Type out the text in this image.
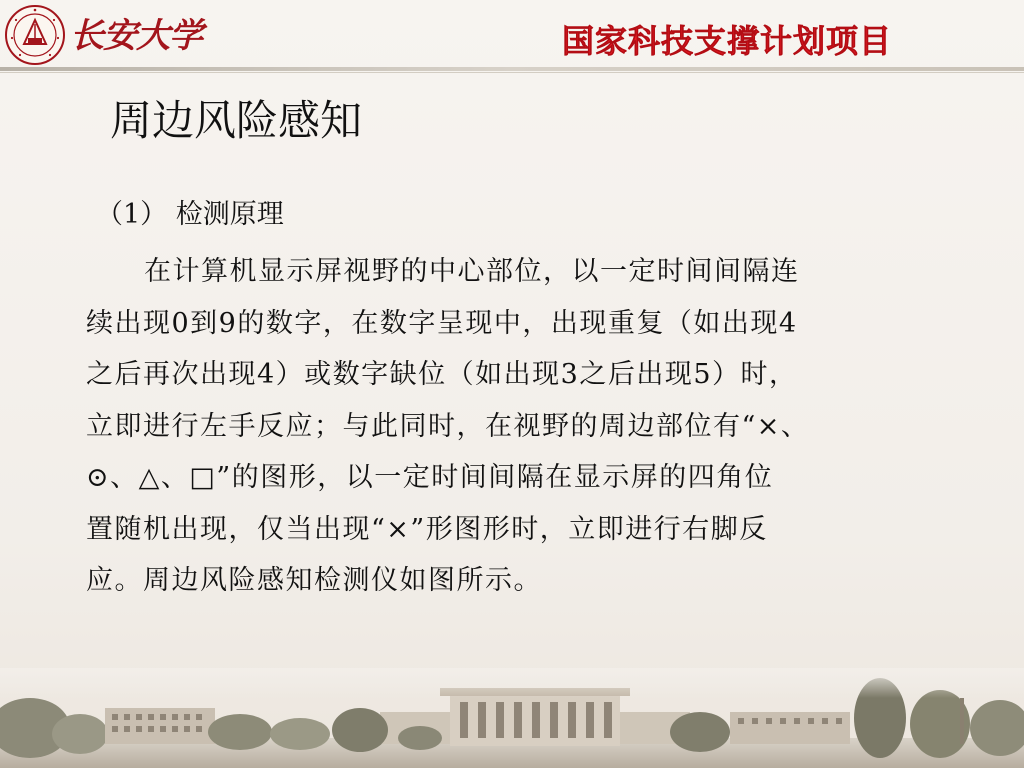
长安大学	国家科技支撑计划项目
周边风险感知
（1） 检测原理
在计算机显示屏视野的中心部位，以一定时间间隔连
续出现0到9的数字，在数字呈现中，出现重复（如出现4
之后再次出现4）或数字缺位（如出现3之后出现5）时，
立即进行左手反应；与此同时，在视野的周边部位有“×、
⊙、△、□”的图形，以一定时间间隔在显示屏的四角位
置随机出现，仅当出现“×”形图形时，立即进行右脚反
应。周边风险感知检测仪如图所示。
